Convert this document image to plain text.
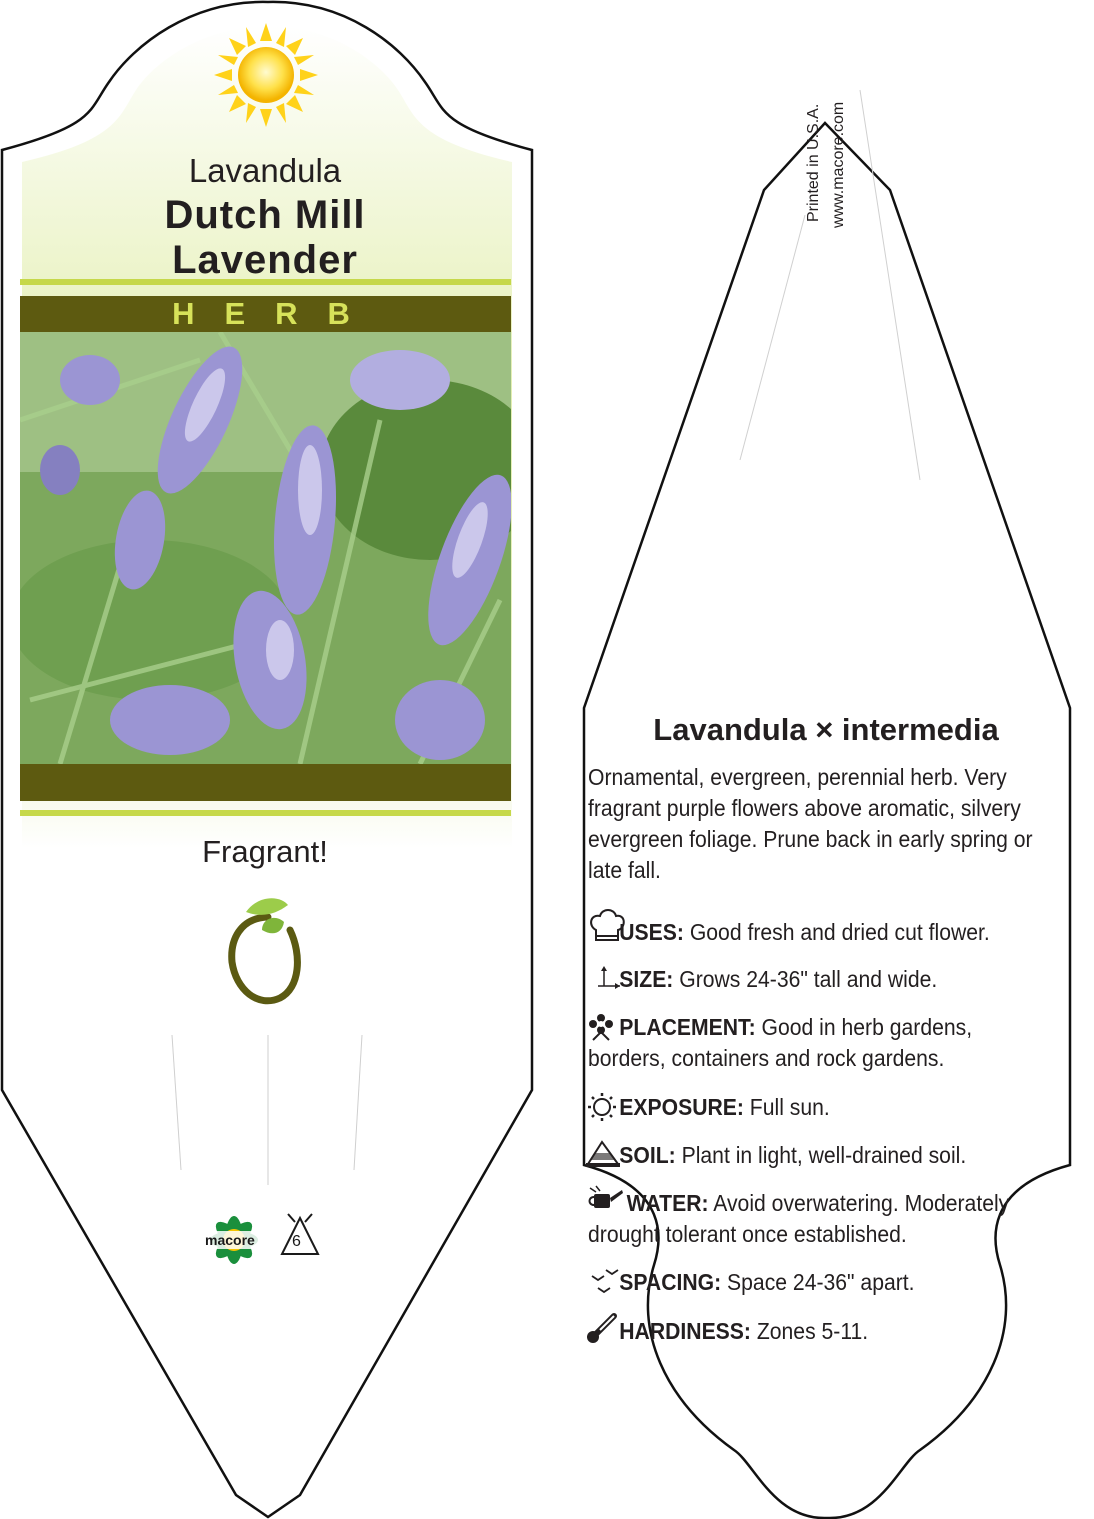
Lavandula
Dutch Mill
Lavender
HERB
Fragrant!
macore 6
Printed in U.S.A. www.macore.com
Lavandula × intermedia
Ornamental, evergreen, perennial herb. Very fragrant purple flowers above aromatic, silvery evergreen foliage. Prune back in early spring or late fall.
USES: Good fresh and dried cut flower.
SIZE: Grows 24-36" tall and wide.
PLACEMENT: Good in herb gardens, borders, containers and rock gardens.
EXPOSURE: Full sun.
SOIL: Plant in light, well-drained soil.
WATER: Avoid overwatering. Moderately drought tolerant once established.
SPACING: Space 24-36" apart.
HARDINESS: Zones 5-11.
